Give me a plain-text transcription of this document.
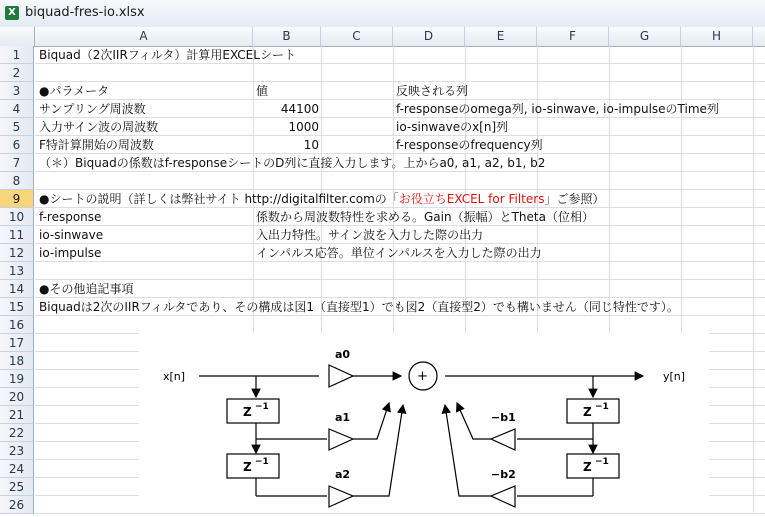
X biquad-fres-io.xlsx
A	B	C	D	E	F	G	H
1
2
3
4
5
6
7
8
9
10
11
12
13
14
15
16
17
18
19
20
21
22
23
24
25
26
Biquad（2次IIRフィルタ）計算用EXCELシート
●パラメータ	値	反映される列
サンプリング周波数	44100	f-responseのomega列, io-sinwave, io-impulseのTime列
入力サイン波の周波数	1000	io-sinwaveのx[n]列
F特計算開始の周波数	10	f-responseのfrequency列
（＊）Biquadの係数はf-responseシートのD列に直接入力します。上からa0, a1, a2, b1, b2
●シートの説明（詳しくは弊社サイト http://digitalfilter.comの「お役立ちEXCEL for Filters」ご参照）
f-response	係数から周波数特性を求める。Gain（振幅）とTheta（位相）
io-sinwave	入出力特性。サイン波を入力した際の出力
io-impulse	インパルス応答。単位インパルスを入力した際の出力
●その他追記事項
Biquadは2次のIIRフィルタであり、その構成は図1（直接型1）でも図2（直接型2）でも構いません（同じ特性です）。
x[n]	y[n]
+
a0
a1
a2
−b1
−b2
Z −1
Z −1
Z −1
Z −1
